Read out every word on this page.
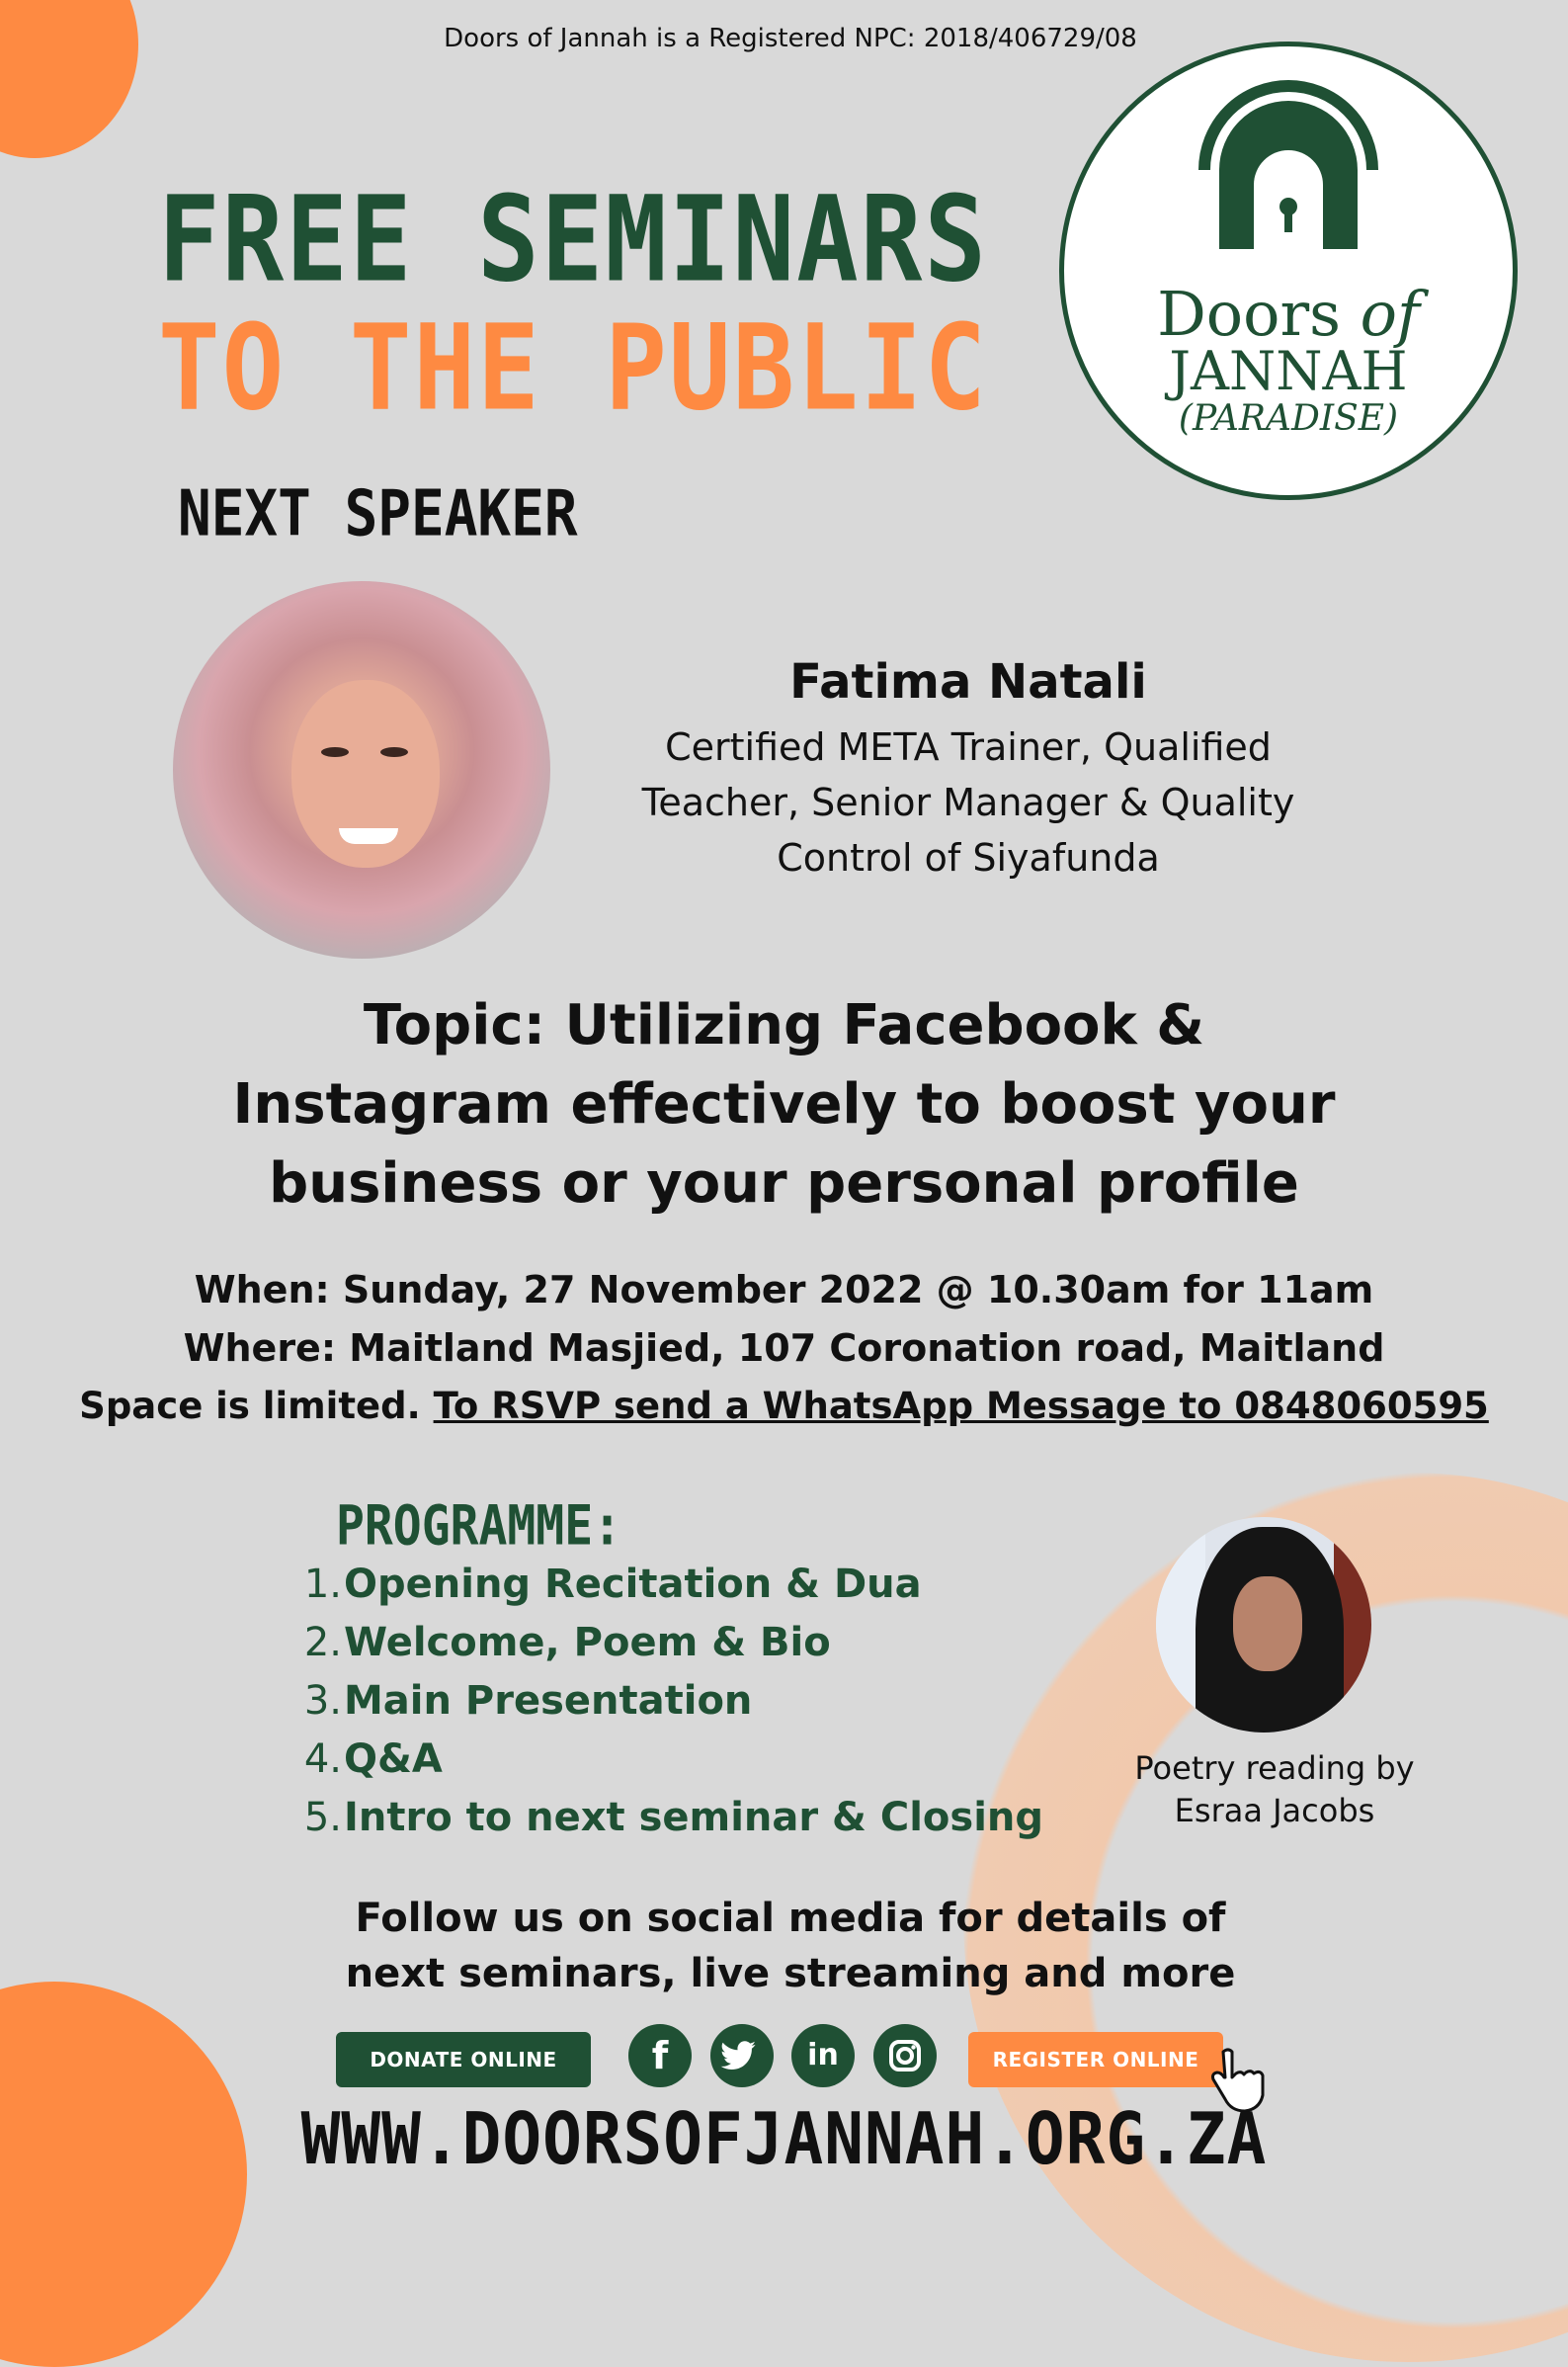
Doors of Jannah is a Registered NPC: 2018/406729/08
FREE SEMINARS
TO THE PUBLIC	Doors of
JANNAH
(PARADISE)
NEXT SPEAKER
Fatima Natali
Certified META Trainer, Qualified
Teacher, Senior Manager & Quality
Control of Siyafunda
Topic: Utilizing Facebook &
Instagram effectively to boost your
business or your personal profile
When: Sunday, 27 November 2022 @ 10.30am for 11am
Where: Maitland Masjied, 107 Coronation road, Maitland
Space is limited. To RSVP send a WhatsApp Message to 0848060595
PROGRAMME:
1.Opening Recitation & Dua
2.Welcome, Poem & Bio
3.Main Presentation
4.Q&A
5.Intro to next seminar & Closing
Poetry reading by
Esraa Jacobs
Follow us on social media for details of
next seminars, live streaming and more
DONATE ONLINE	f	in	REGISTER ONLINE
WWW.DOORSOFJANNAH.ORG.ZA
